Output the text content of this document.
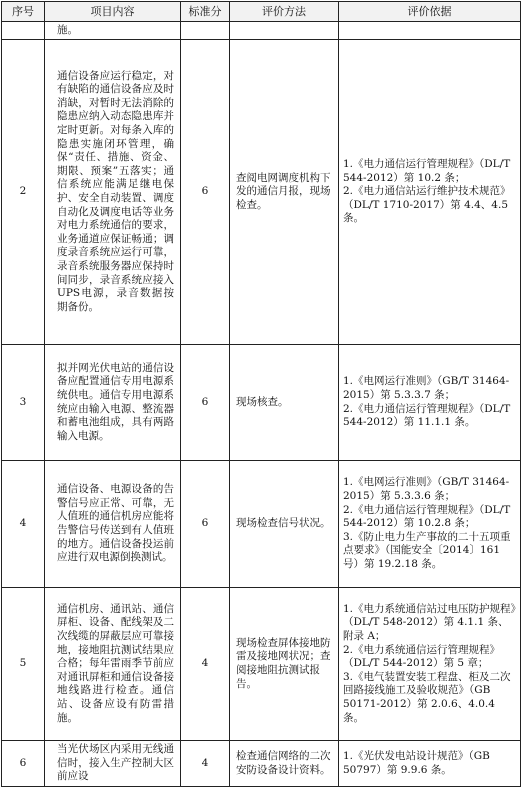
序号	项目内容	标准分	评价方法	评价依据
	施。			
2	通信设备应运行稳定，对有缺陷的通信设备应及时消缺，对暂时无法消除的隐患应纳入动态隐患库并定时更新。对每条入库的隐患实施闭环管理，确保“责任、措施、资金、期限、预案”五落实；通信系统应能满足继电保护、安全自动装置、调度自动化及调度电话等业务对电力系统通信的要求，业务通道应保证畅通；调度录音系统应运行可靠，录音系统服务器应保持时间同步，录音系统应接入UPS电源，录音数据按期备份。	6	查阅电网调度机构下发的通信月报，现场检查。	1.《电力通信运行管理规程》（DL/T 544-2012）第 10.2 条；
2.《电力通信站运行维护技术规范》（DL/T 1710-2017）第 4.4、4.5 条。

3	拟并网光伏电站的通信设备应配置通信专用电源系统供电。通信专用电源系统应由输入电源、整流器和蓄电池组成，具有两路输入电源。	6	现场核查。	1.《电网运行准则》（GB/T 31464-2015）第 5.3.3.7 条；
2.《电力通信运行管理规程》（DL/T 544-2012）第 11.1.1 条。

4	通信设备、电源设备的告警信号应正常、可靠，无人值班的通信机房应能将告警信号传送到有人值班的地方。通信设备投运前应进行双电源倒换测试。	6	现场检查信号状况。	1.《电网运行准则》（GB/T 31464-2015）第 5.3.3.6 条；
2.《电力通信运行管理规程》（DL/T 544-2012）第 10.2.8 条；
3.《防止电力生产事故的二十五项重点要求》（国能安全〔2014〕161 号）第 19.2.18 条。

5	通信机房、通讯站、通信屏柜、设备、配线架及二次线缆的屏蔽层应可靠接地，接地阻抗测试结果应合格；每年雷雨季节前应对通讯屏柜和通信设备接地线路进行检查。通信站、设备应设有防雷措施。	4	现场检查屏体接地防雷及接地网状况；查阅接地阻抗测试报告。	1.《电力系统通信站过电压防护规程》（DL/T 548-2012）第 4.1.1 条、附录 A；
2.《电力系统通信运行管理规程》（DL/T 544-2012）第 5 章；
3.《电气装置安装工程盘、柜及二次回路接线施工及验收规范》（GB 50171-2012）第 2.0.6、4.0.4 条。

6	当光伏场区内采用无线通信时，接入生产控制大区前应设	4	检查通信网络的二次安防设备设计资料。	1.《光伏发电站设计规范》（GB 50797）第 9.9.6 条。
